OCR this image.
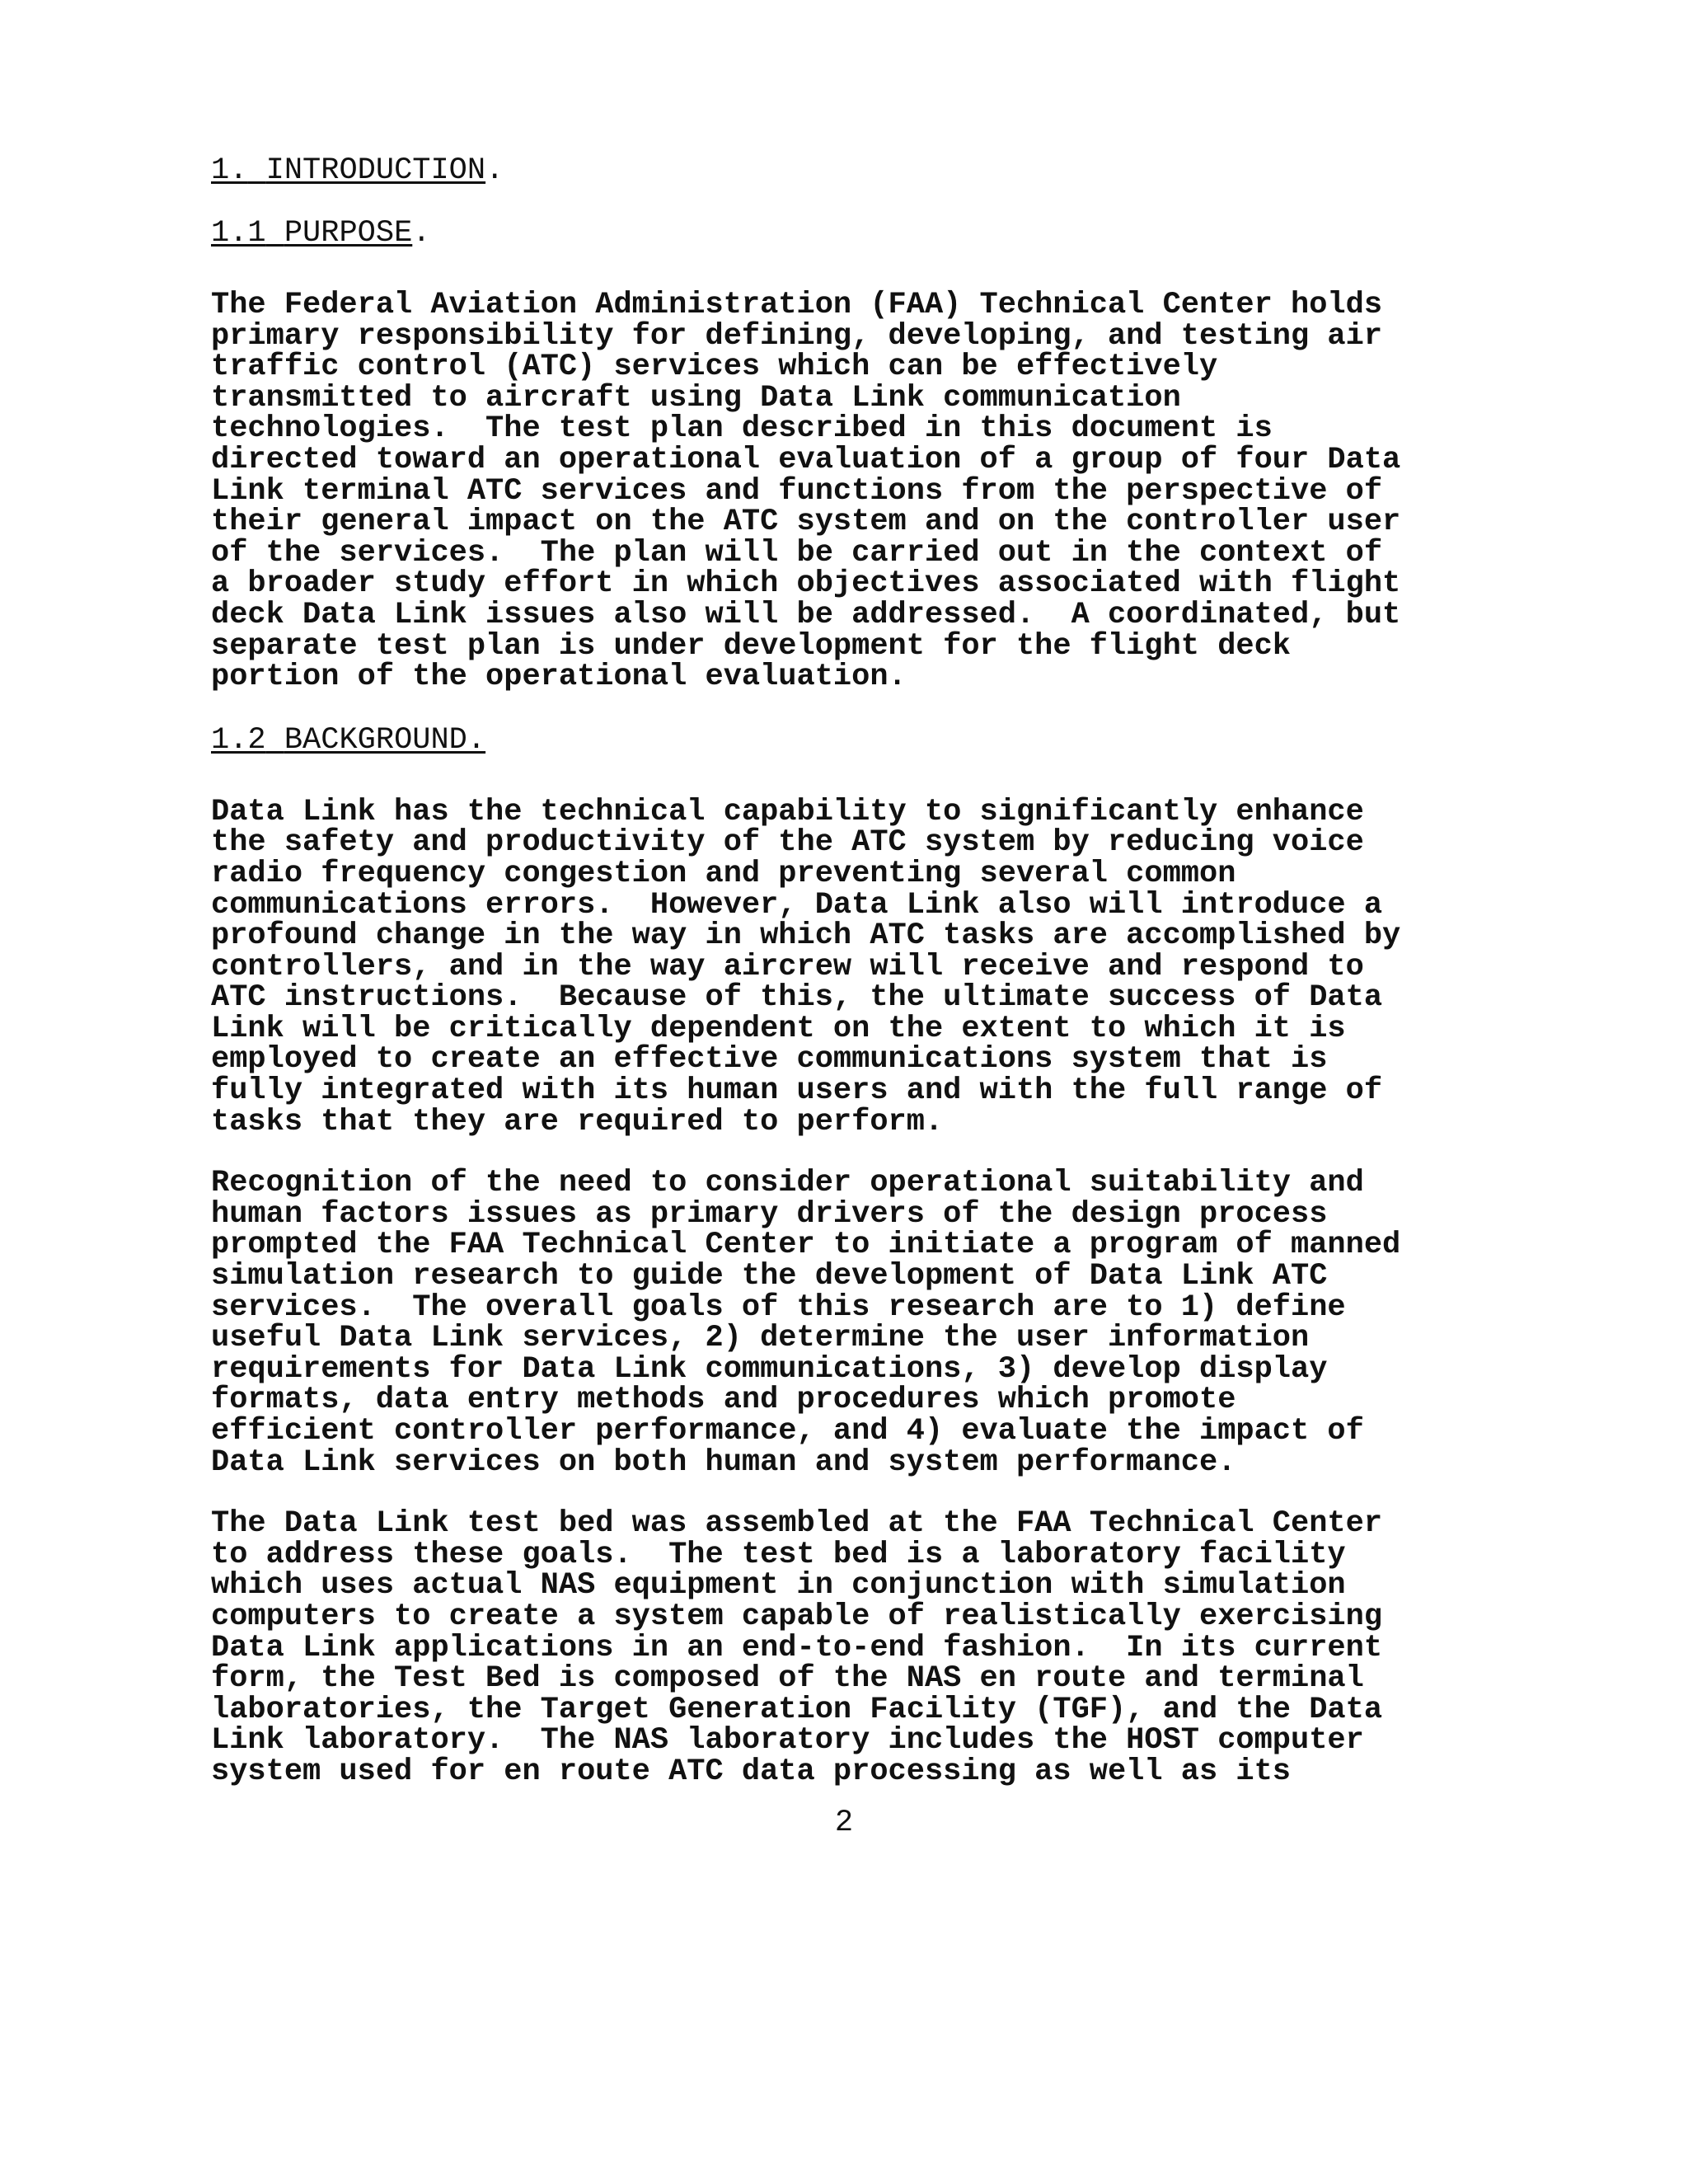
1. INTRODUCTION.

1.1 PURPOSE.

The Federal Aviation Administration (FAA) Technical Center holds
primary responsibility for defining, developing, and testing air
traffic control (ATC) services which can be effectively
transmitted to aircraft using Data Link communication
technologies.  The test plan described in this document is
directed toward an operational evaluation of a group of four Data
Link terminal ATC services and functions from the perspective of
their general impact on the ATC system and on the controller user
of the services.  The plan will be carried out in the context of
a broader study effort in which objectives associated with flight
deck Data Link issues also will be addressed.  A coordinated, but
separate test plan is under development for the flight deck
portion of the operational evaluation.

1.2 BACKGROUND.

Data Link has the technical capability to significantly enhance
the safety and productivity of the ATC system by reducing voice
radio frequency congestion and preventing several common
communications errors.  However, Data Link also will introduce a
profound change in the way in which ATC tasks are accomplished by
controllers, and in the way aircrew will receive and respond to
ATC instructions.  Because of this, the ultimate success of Data
Link will be critically dependent on the extent to which it is
employed to create an effective communications system that is
fully integrated with its human users and with the full range of
tasks that they are required to perform.
Recognition of the need to consider operational suitability and
human factors issues as primary drivers of the design process
prompted the FAA Technical Center to initiate a program of manned
simulation research to guide the development of Data Link ATC
services.  The overall goals of this research are to 1) define
useful Data Link services, 2) determine the user information
requirements for Data Link communications, 3) develop display
formats, data entry methods and procedures which promote
efficient controller performance, and 4) evaluate the impact of
Data Link services on both human and system performance.
The Data Link test bed was assembled at the FAA Technical Center
to address these goals.  The test bed is a laboratory facility
which uses actual NAS equipment in conjunction with simulation
computers to create a system capable of realistically exercising
Data Link applications in an end-to-end fashion.  In its current
form, the Test Bed is composed of the NAS en route and terminal
laboratories, the Target Generation Facility (TGF), and the Data
Link laboratory.  The NAS laboratory includes the HOST computer
system used for en route ATC data processing as well as its
2
